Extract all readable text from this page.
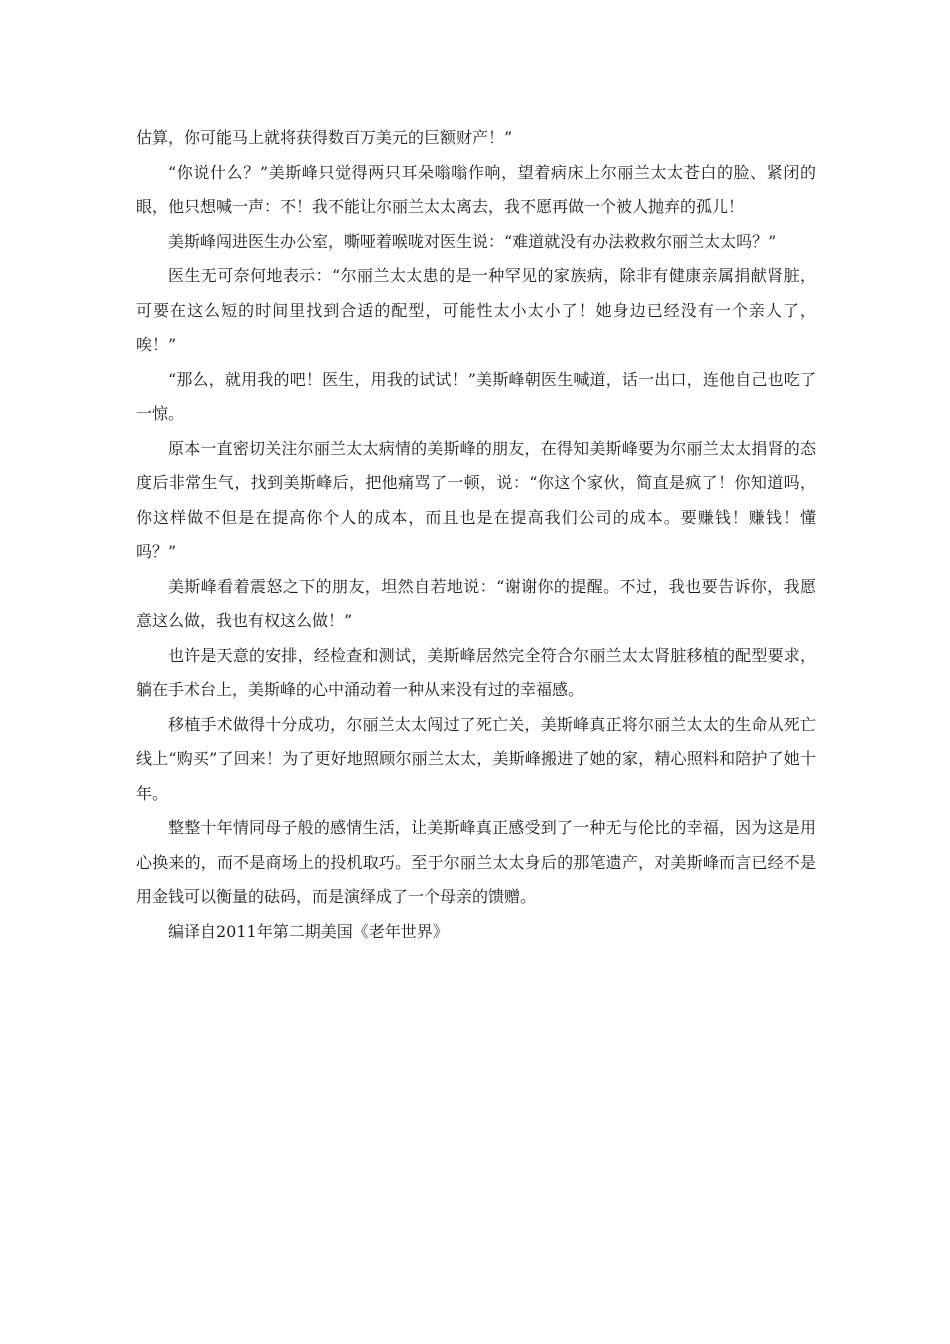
估算，你可能马上就将获得数百万美元的巨额财产！”

“你说什么？”美斯峰只觉得两只耳朵嗡嗡作响，望着病床上尔丽兰太太苍白的脸、紧闭的眼，他只想喊一声：不！我不能让尔丽兰太太离去，我不愿再做一个被人抛弃的孤儿！

美斯峰闯进医生办公室，嘶哑着喉咙对医生说：“难道就没有办法救救尔丽兰太太吗？”

医生无可奈何地表示：“尔丽兰太太患的是一种罕见的家族病，除非有健康亲属捐献肾脏，可要在这么短的时间里找到合适的配型，可能性太小太小了！她身边已经没有一个亲人了，唉！”

“那么，就用我的吧！医生，用我的试试！”美斯峰朝医生喊道，话一出口，连他自己也吃了一惊。

原本一直密切关注尔丽兰太太病情的美斯峰的朋友，在得知美斯峰要为尔丽兰太太捐肾的态度后非常生气，找到美斯峰后，把他痛骂了一顿，说：“你这个家伙，简直是疯了！你知道吗，你这样做不但是在提高你个人的成本，而且也是在提高我们公司的成本。要赚钱！赚钱！懂吗？”

美斯峰看着震怒之下的朋友，坦然自若地说：“谢谢你的提醒。不过，我也要告诉你，我愿意这么做，我也有权这么做！”

也许是天意的安排，经检查和测试，美斯峰居然完全符合尔丽兰太太肾脏移植的配型要求，躺在手术台上，美斯峰的心中涌动着一种从来没有过的幸福感。

移植手术做得十分成功，尔丽兰太太闯过了死亡关，美斯峰真正将尔丽兰太太的生命从死亡线上“购买”了回来！为了更好地照顾尔丽兰太太，美斯峰搬进了她的家，精心照料和陪护了她十年。

整整十年情同母子般的感情生活，让美斯峰真正感受到了一种无与伦比的幸福，因为这是用心换来的，而不是商场上的投机取巧。至于尔丽兰太太身后的那笔遗产，对美斯峰而言已经不是用金钱可以衡量的砝码，而是演绎成了一个母亲的馈赠。

编译自2011年第二期美国《老年世界》
